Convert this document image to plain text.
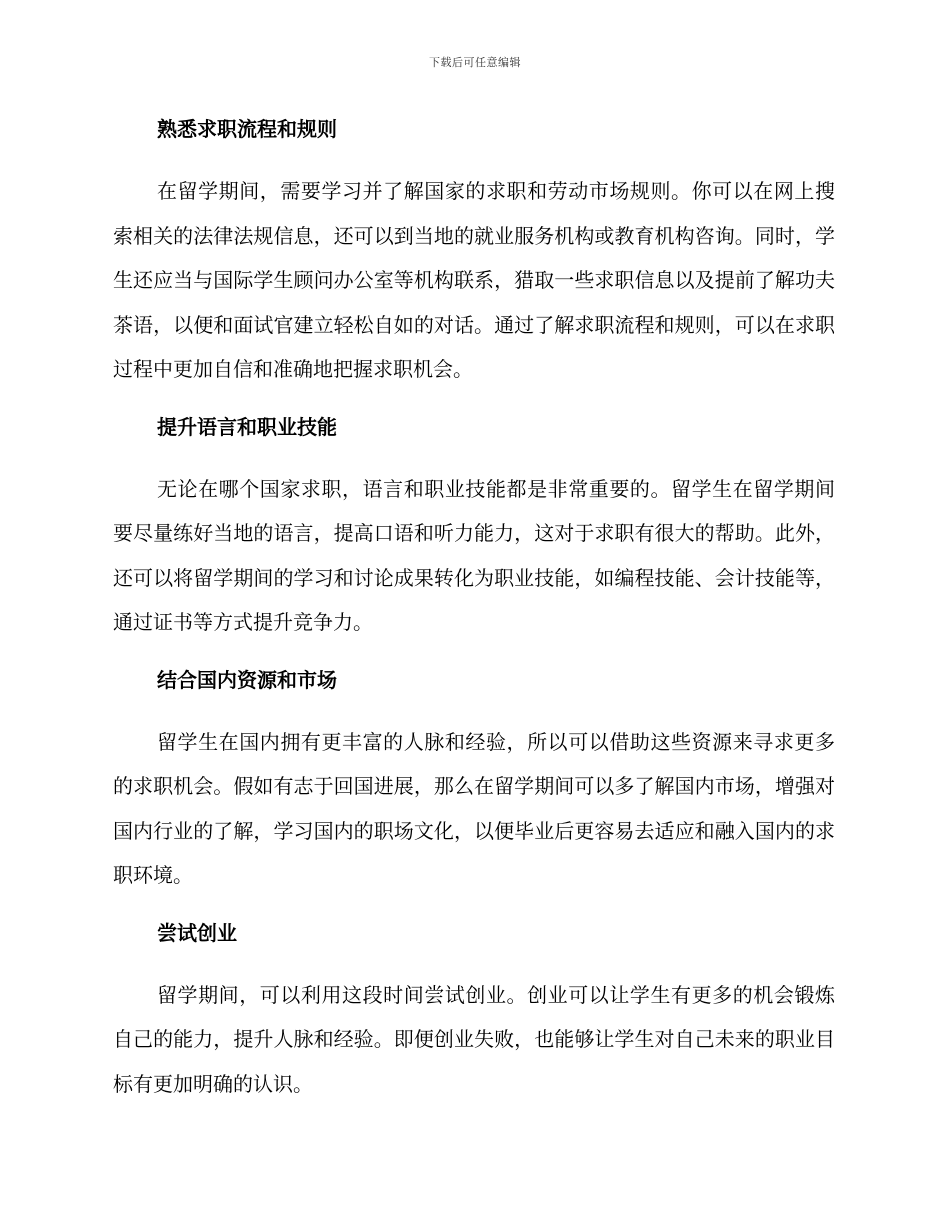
下载后可任意编辑
熟悉求职流程和规则

在留学期间，需要学习并了解国家的求职和劳动市场规则。你可以在网上搜索相关的法律法规信息，还可以到当地的就业服务机构或教育机构咨询。同时，学生还应当与国际学生顾问办公室等机构联系，猎取一些求职信息以及提前了解功夫茶语，以便和面试官建立轻松自如的对话。通过了解求职流程和规则，可以在求职过程中更加自信和准确地把握求职机会。

提升语言和职业技能

无论在哪个国家求职，语言和职业技能都是非常重要的。留学生在留学期间要尽量练好当地的语言，提高口语和听力能力，这对于求职有很大的帮助。此外，还可以将留学期间的学习和讨论成果转化为职业技能，如编程技能、会计技能等，通过证书等方式提升竞争力。

结合国内资源和市场

留学生在国内拥有更丰富的人脉和经验，所以可以借助这些资源来寻求更多的求职机会。假如有志于回国进展，那么在留学期间可以多了解国内市场，增强对国内行业的了解，学习国内的职场文化，以便毕业后更容易去适应和融入国内的求职环境。

尝试创业

留学期间，可以利用这段时间尝试创业。创业可以让学生有更多的机会锻炼自己的能力，提升人脉和经验。即便创业失败，也能够让学生对自己未来的职业目标有更加明确的认识。
